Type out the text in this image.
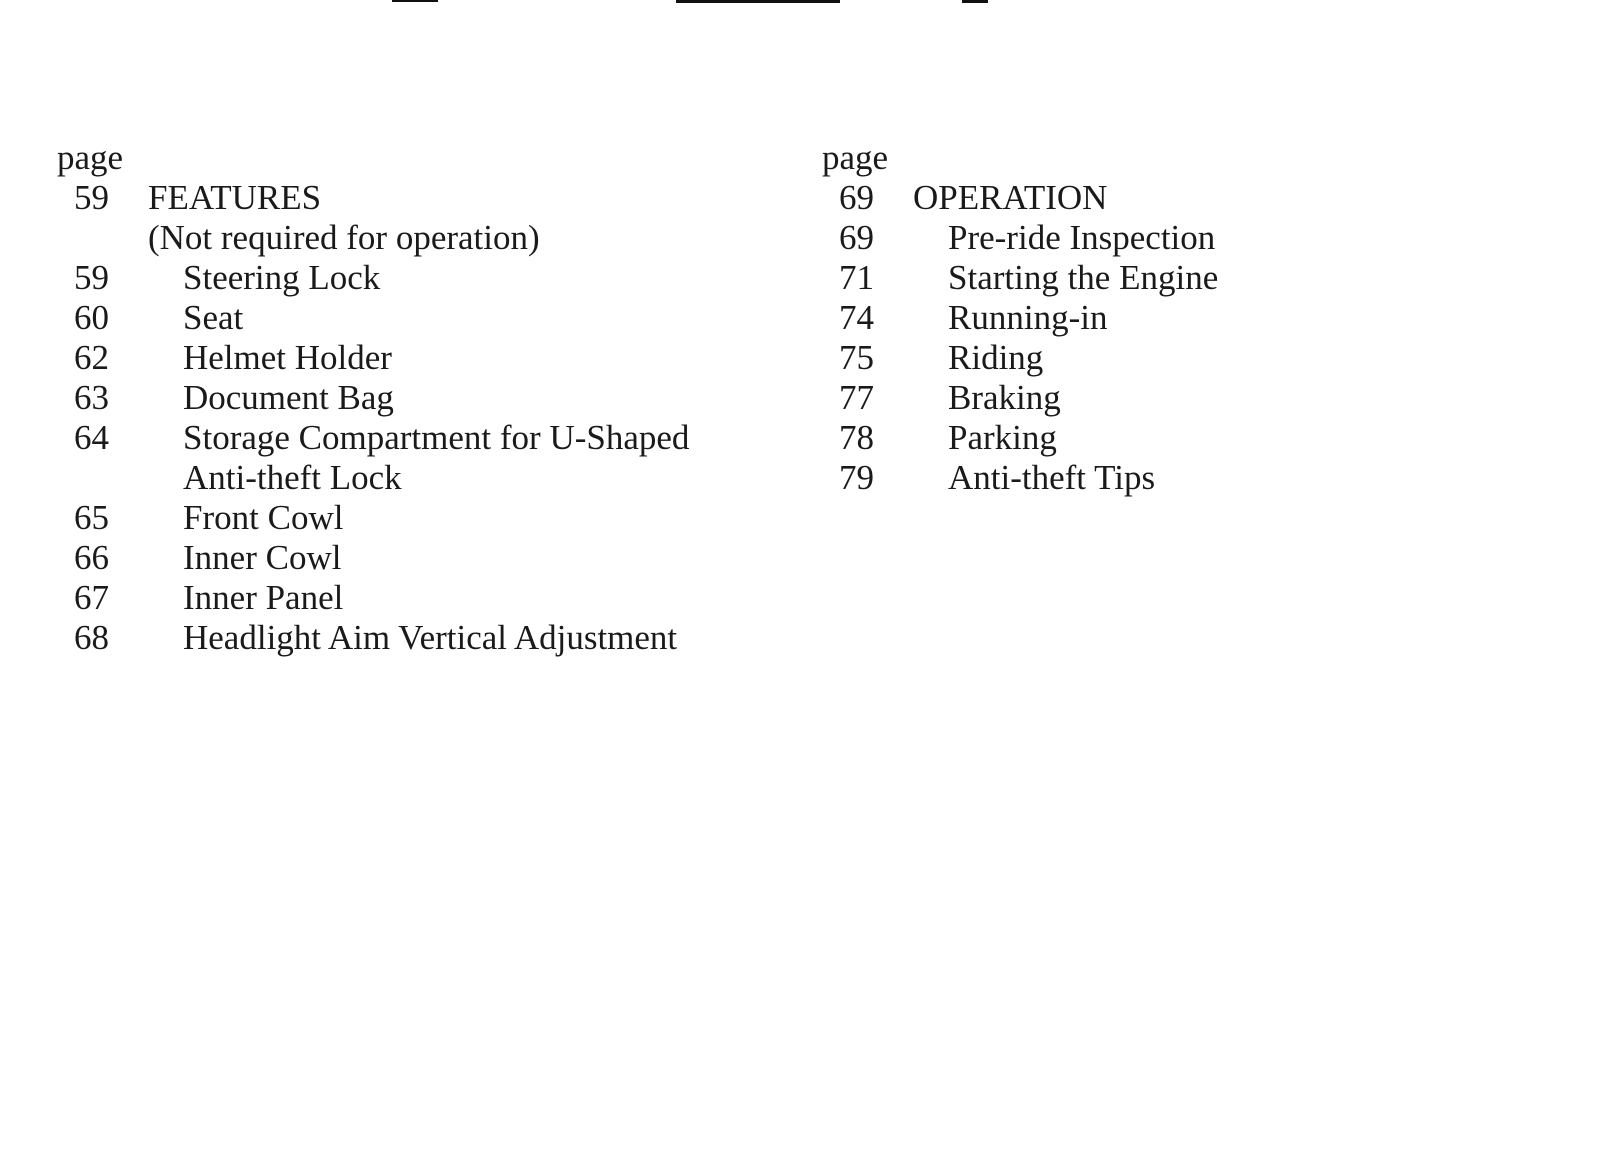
page
59	FEATURES
(Not required for operation)
59	Steering Lock
60	Seat
62	Helmet Holder
63	Document Bag
64	Storage Compartment for U-Shaped
Anti-theft Lock
65	Front Cowl
66	Inner Cowl
67	Inner Panel
68	Headlight Aim Vertical Adjustment
page
69	OPERATION
69	Pre-ride Inspection
71	Starting the Engine
74	Running-in
75	Riding
77	Braking
78	Parking
79	Anti-theft Tips
